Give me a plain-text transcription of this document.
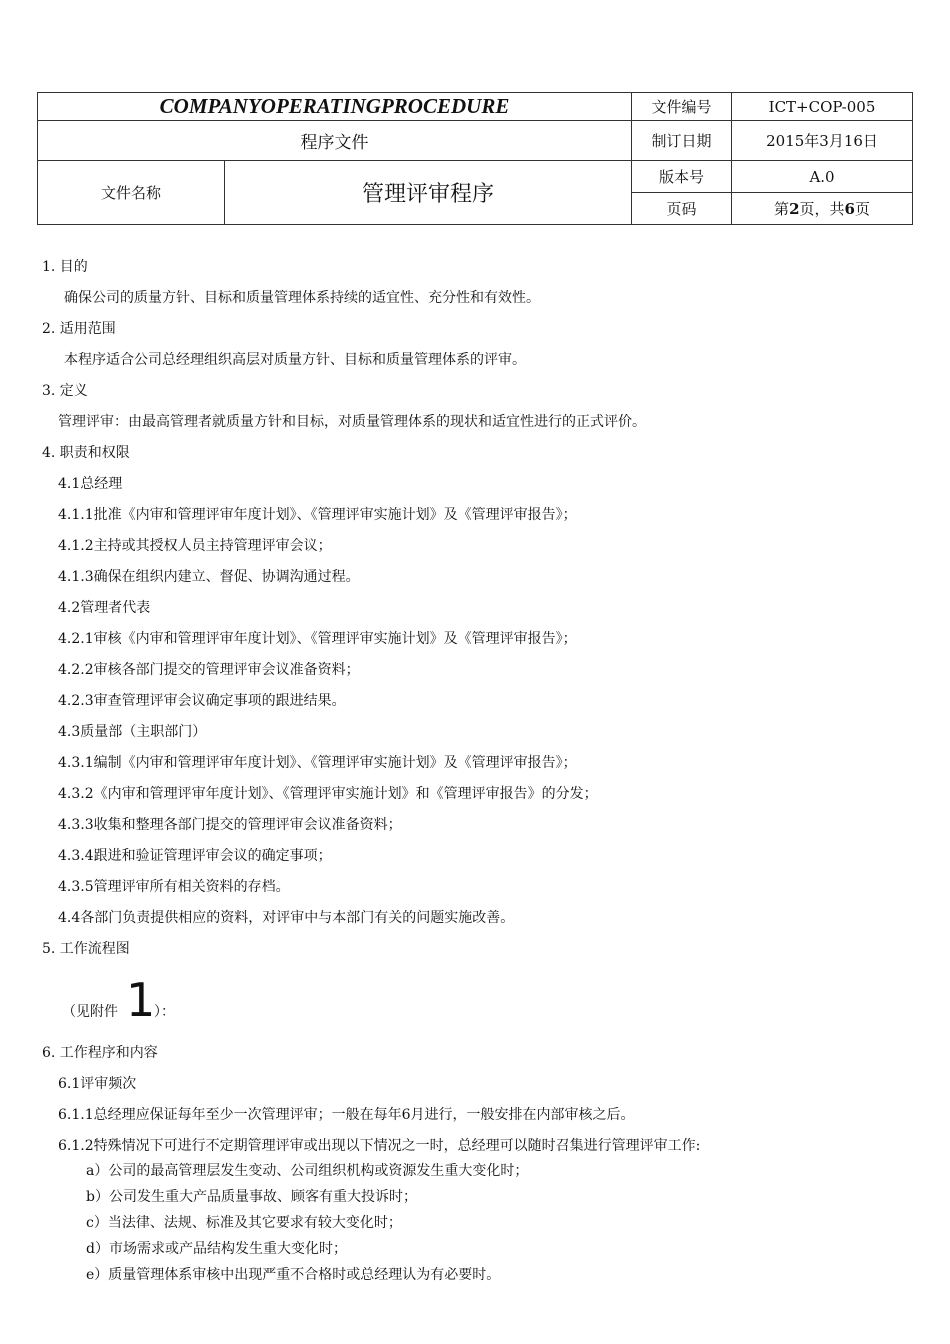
COMPANYOPERATINGPROCEDURE		文件编号	ICT+COP-005
程序文件		制订日期	2015年3月16日
文件名称	管理评审程序	版本号	A.0
		页码	第2页，共6页
1. 目的
确保公司的质量方针、目标和质量管理体系持续的适宜性、充分性和有效性。
2. 适用范围
本程序适合公司总经理组织高层对质量方针、目标和质量管理体系的评审。
3. 定义
管理评审：由最高管理者就质量方针和目标，对质量管理体系的现状和适宜性进行的正式评价。
4. 职责和权限
4.1总经理
4.1.1批准《内审和管理评审年度计划》、《管理评审实施计划》及《管理评审报告》；
4.1.2主持或其授权人员主持管理评审会议；
4.1.3确保在组织内建立、督促、协调沟通过程。
4.2管理者代表
4.2.1审核《内审和管理评审年度计划》、《管理评审实施计划》及《管理评审报告》；
4.2.2审核各部门提交的管理评审会议准备资料；
4.2.3审查管理评审会议确定事项的跟进结果。
4.3质量部（主职部门）
4.3.1编制《内审和管理评审年度计划》、《管理评审实施计划》及《管理评审报告》；
4.3.2《内审和管理评审年度计划》、《管理评审实施计划》和《管理评审报告》的分发；
4.3.3收集和整理各部门提交的管理评审会议准备资料；
4.3.4跟进和验证管理评审会议的确定事项；
4.3.5管理评审所有相关资料的存档。
4.4各部门负责提供相应的资料，对评审中与本部门有关的问题实施改善。
5. 工作流程图
（见附件 1
）：
6. 工作程序和内容
6.1评审频次
6.1.1总经理应保证每年至少一次管理评审；一般在每年6月进行，一般安排在内部审核之后。
6.1.2特殊情况下可进行不定期管理评审或出现以下情况之一时，总经理可以随时召集进行管理评审工作:
a）公司的最高管理层发生变动、公司组织机构或资源发生重大变化时；
b）公司发生重大产品质量事故、顾客有重大投诉时；
c）当法律、法规、标准及其它要求有较大变化时；
d）市场需求或产品结构发生重大变化时；
e）质量管理体系审核中出现严重不合格时或总经理认为有必要时。
